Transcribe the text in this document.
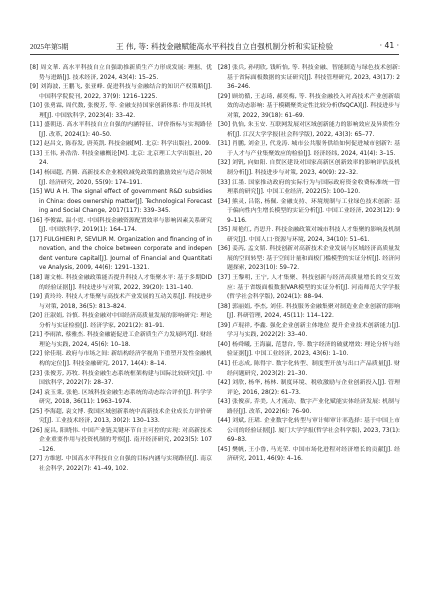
2025年第5期	王 伟, 等: 科技金融赋能高水平科技自立自强机制分析和实证检验	· 41 ·

[8] 周文華. 高水平科技自立自强助推新质生产力形成发展: 理据、优势与进路[J]. 技术经济, 2024, 43(4): 15–25.

[9] 刘海波, 王鹏飞, 张亚峰. 促进科技与金融结合的知识产权策略[J]. 中国科学院院刊, 2022, 37(9): 1216–1225.

[10] 张勇霖, 周代数, 张俊芳, 等. 金融支持国家创新体系: 作用及其机理[J]. 中国软科学, 2023(4): 33–42.

[11] 盛朝迅. 高水平科技自立自强的内涵特征、评价指标与实现路径[J]. 改革, 2024(1): 40–50.

[12] 赵昌文, 陈春发, 唐英凯. 科技金融[M]. 北京: 科学出版社, 2009.

[13] 王伟, 孙浩浩. 科技金融概论[M]. 北京: 北京理工大学出版社, 2024.

[14] 杨园超, 肖腾. 高新技术企业税收减免政策的激励效应与适合领域[J]. 经济研究, 2020, 55(9): 174–191.

[15] WU A H. The signal effect of government R&D subsidies in China: does ownership matter[J]. Technological Forecasting and Social Change, 2017(117): 339–345.

[16] 李俊霖, 温小霓. 中国科技金融资源配置效率与影响因素关系研究[J]. 中国软科学, 2019(1): 164–174.

[17] FULGHIERI P, SEVILIR M. Organization and financing of innovation, and the choice between corporate and independent venture capital[J]. Journal of Financial and Quantitative Analysis, 2009, 44(6): 1291–1321.

[18] 谢文栋. 科技金融政策能否提升科技人才集聚水平: 基于多期DID的经验证据[J]. 科技进步与对策, 2022, 39(20): 131–140.

[19] 黄玲玲. 科技人才集聚与高技术产业发展的互动关系[J]. 科技进步与对策, 2018, 36(5): 813–824.

[20] 汪淑娟, 谷慎. 科技金融对中国经济高质量发展的影响研究: 理论分析与实证检验[J]. 经济学家, 2021(2): 81–91.

[21] 李雨浓, 蔡雅杰. 科技金融能促进工企新质生产力发展吗?[J]. 财经理论与实践, 2024, 45(6): 10–18.

[22] 徐佳琨. 政府与市场之间: 新结构经济学视角下重塑开发性金融机构的定位[J]. 科技金融研究, 2017, 14(4): 8–14.

[23] 张俊芳, 苏牧. 科技金融生态系统框架构建与国际比较研究[J]. 中国软科学, 2022(7): 28–37.

[24] 袁玉秉, 张艳. 区域科技金融生态系统的动态综合评价[J]. 科学学研究, 2018, 36(11): 1963–1974.

[25] 李海超, 袁文博. 我国区域创新系统中高新技术企业成长力评价研究[J]. 工业技术经济, 2013, 30(2): 130–133.

[26] 庞昌, 阳晓伟. 中国产业链关键环节自主可控的实现: 对高新技术企业重要作用与投资机制的考察[J]. 南开经济研究, 2023(5): 107–126.

[27] 方维慰. 中国高水平科技自立自强的目标内涵与实现路径[J]. 南京社会科学, 2022(7): 41–49, 102.

[28] 张兵, 孙明欣, 钱昕怡, 等. 科技金融、智能制造与绿色技术创新: 基于省际面板数据的实证研究[J]. 科技管理研究, 2023, 43(17): 236–246.

[29] 顾幼循, 王志琦, 郝奕梅, 等. 科技金融投入对高技术产业创新绩效的动态影响: 基于模糊聚类定性比较分析(fsQCA)[J]. 科技进步与对策, 2022, 39(18): 61–69.

[30] 仇怡, 朱玉安. 互联网发展对区域创新能力的影响效应及异质性分析[J]. 江汉大学学报(社会科学版), 2022, 43(3): 65–77.

[31] 肖鹏, 刘金卫, 代龙涛. 城市公共服务供给如何促进城市创新?: 基于人才与产业集聚效应的检验[J]. 经济经纬, 2024, 41(4): 3–15.

[32] 刘钒, 向如阳. 自贸区建设对国家高新区创新效率的影响评估及机制分析[J]. 科技进步与对策, 2023, 40(9): 22–32.

[33] 江墨. 国家推动政府的实际行为与国际政府资金收费标准统一管理系的研究[J]. 中国工业经济, 2022(5): 100–120.

[34] 熊灵, 吕铭, 杨佩. 金融支持、环境规制与工业绿色技术创新: 基于偏向性内生增长模型的实证分析[J]. 中国工业经济, 2023(12): 99–116.

[35] 周艳红, 肖思升. 科技金融政策对城市科技人才集聚的影响及机制研究[J]. 中国人口·资源与环境, 2024, 34(10): 51–61.

[36] 姜芮, 孟文韬. 科技创新对高新技术企业发展与区域经济高质量发展的空间转型: 基于空间计量和面板门槛模型的实证分析[J]. 经济问题探索, 2023(10): 59–72.

[37] 王黎明, 王宁, 人才集聚、科技创新与经济高质量增长的交互效应: 基于省级面板数据VAR模型的实证分析[J]. 河南师范大学学报(哲学社会科学版), 2024(1): 88–94.

[38] 郭丽娟, 李杰, 刘佳. 科技服务金融集聚对制造业企业创新的影响[J]. 科研管理, 2024, 45(11): 114–122.

[39] 卢琨祥, 李鑫. 强化企业创新主体地位 提升企业技术创新能力[J]. 学习与实践, 2022(2): 33–40.

[40] 杨舜曦, 王海赢, 范慧台, 等. 数字经济的破就增效: 理论分析与经验证据[J]. 中国工业经济, 2023, 43(6): 1–10.

[41] 任志成, 陈得宇. 数字化转型、制度型开放与出口产品质量[J]. 财经问题研究, 2023(2): 21–30.

[42] 刘欣, 杨华, 杨林. 制度环境、税收激励与企业创新投入[J]. 管理评论, 2016, 28(2): 61–73.

[43] 张俊彦, 乔美, 人才流动、数字产业化赋能实体经济发展: 机制与路径[J]. 改革, 2022(6): 76–90.

[44] 刘斌, 汪珺. 企业数字化转型与审计师审计率选择: 基于中国上市公司的经验证据[J]. 厦门大学学报(哲学社会科学版), 2023, 73(1): 69–83.

[45] 樊帆, 王小鲁, 马光荣. 中国市场化进程对经济增长的贡献[J]. 经济研究, 2011, 46(9): 4–16.
